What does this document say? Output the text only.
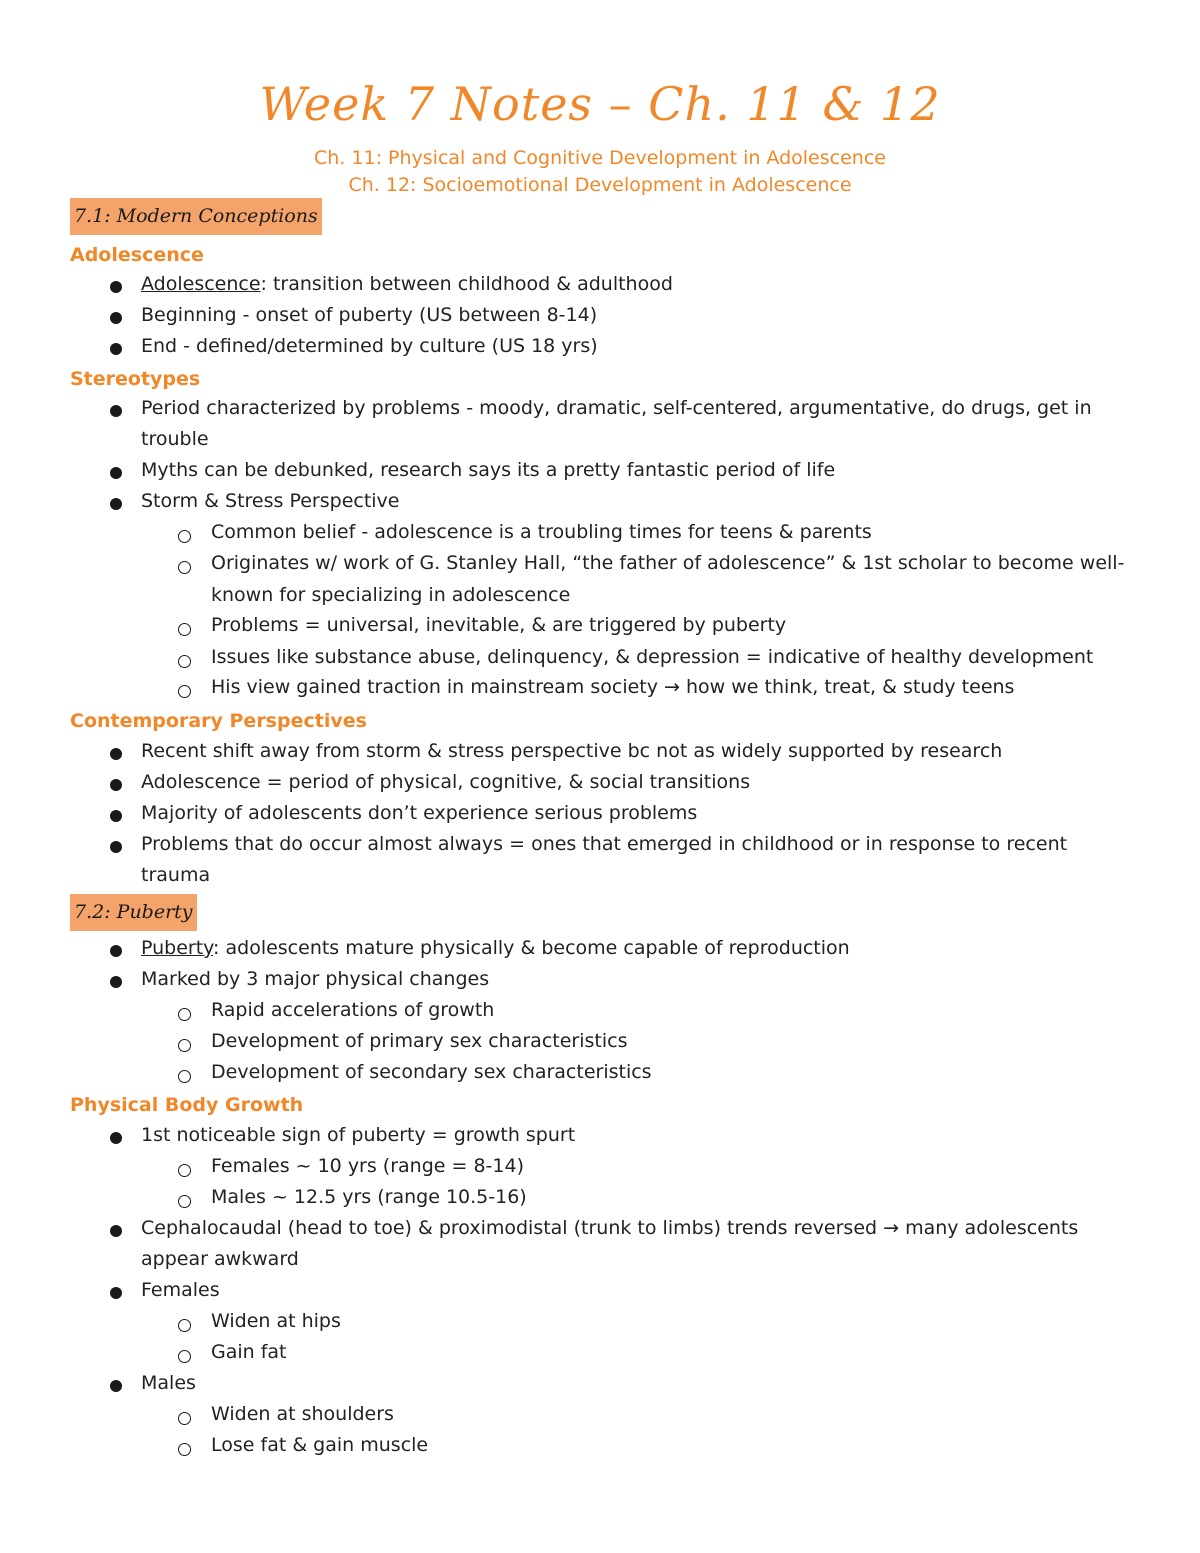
Week 7 Notes – Ch. 11 & 12
Ch. 11: Physical and Cognitive Development in Adolescence
Ch. 12: Socioemotional Development in Adolescence
7.1: Modern Conceptions
Adolescence
Adolescence: transition between childhood & adulthood
Beginning - onset of puberty (US between 8-14)
End - defined/determined by culture (US 18 yrs)
Stereotypes
Period characterized by problems - moody, dramatic, self-centered, argumentative, do drugs, get in
trouble
Myths can be debunked, research says its a pretty fantastic period of life
Storm & Stress Perspective
Common belief - adolescence is a troubling times for teens & parents
Originates w/ work of G. Stanley Hall, “the father of adolescence” & 1st scholar to become well-
known for specializing in adolescence
Problems = universal, inevitable, & are triggered by puberty
Issues like substance abuse, delinquency, & depression = indicative of healthy development
His view gained traction in mainstream society → how we think, treat, & study teens
Contemporary Perspectives
Recent shift away from storm & stress perspective bc not as widely supported by research
Adolescence = period of physical, cognitive, & social transitions
Majority of adolescents don’t experience serious problems
Problems that do occur almost always = ones that emerged in childhood or in response to recent
trauma
7.2: Puberty
Puberty: adolescents mature physically & become capable of reproduction
Marked by 3 major physical changes
Rapid accelerations of growth
Development of primary sex characteristics
Development of secondary sex characteristics
Physical Body Growth
1st noticeable sign of puberty = growth spurt
Females ~ 10 yrs (range = 8-14)
Males ~ 12.5 yrs (range 10.5-16)
Cephalocaudal (head to toe) & proximodistal (trunk to limbs) trends reversed → many adolescents
appear awkward
Females
Widen at hips
Gain fat
Males
Widen at shoulders
Lose fat & gain muscle
